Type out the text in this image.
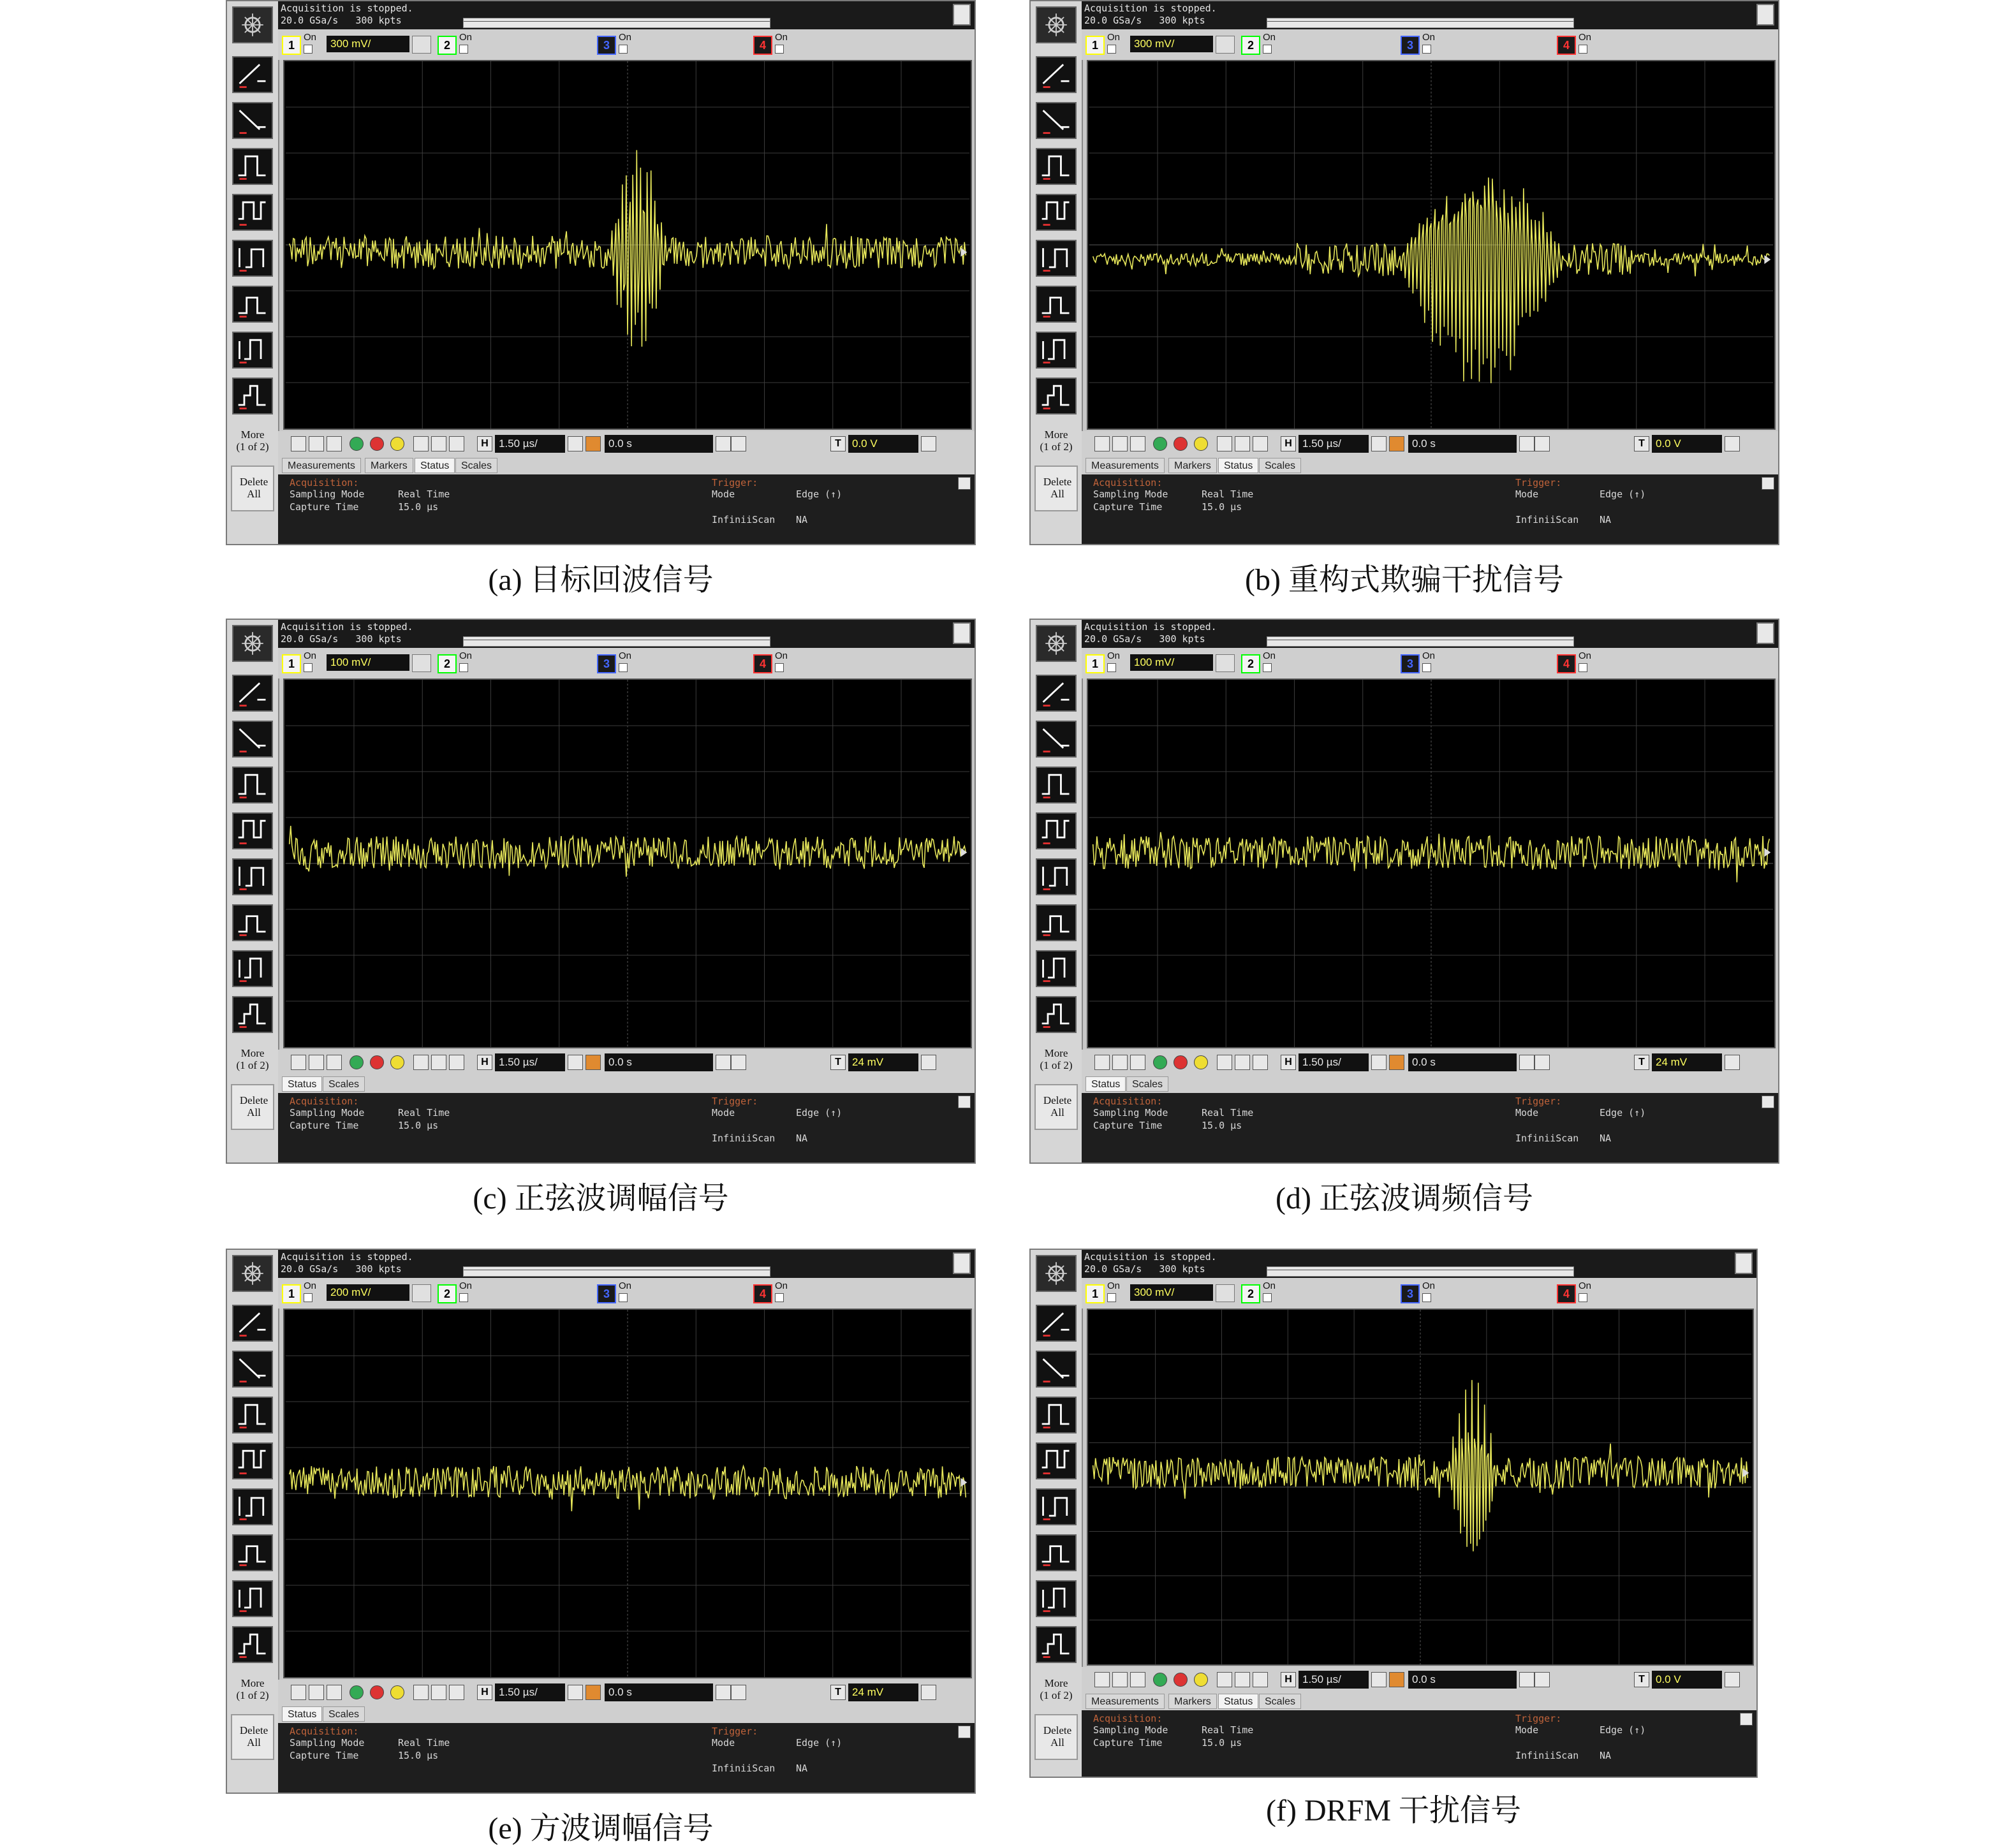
More
(1 of 2)
Delete
All
Acquisition is stopped.
20.0 GSa/s   300 kpts
1
On
2
On
3
On
4
On
300 mV/
H 1.50 µs/	0.0 s	T	0.0 V
Measurements	Markers	Status	Scales
Acquisition:
Sampling Mode	Real Time
Capture Time	15.0 µs
Trigger:
Mode	Edge (↑)
InfiniiScan NA
(a) 目标回波信号
More
(1 of 2)
Delete
All
Acquisition is stopped.
20.0 GSa/s   300 kpts
1
On
2
On
3
On
4
On
300 mV/
H 1.50 µs/	0.0 s	T	0.0 V
Measurements	Markers	Status	Scales
Acquisition:
Sampling Mode	Real Time
Capture Time	15.0 µs
Trigger:
Mode	Edge (↑)
InfiniiScan NA
(b) 重构式欺骗干扰信号
More
(1 of 2)
Delete
All
Acquisition is stopped.
20.0 GSa/s   300 kpts
1
On
2
On
3
On
4
On
100 mV/
H 1.50 µs/	0.0 s	T	24 mV
Status	Scales
Acquisition:
Sampling Mode	Real Time
Capture Time	15.0 µs
Trigger:
Mode	Edge (↑)
InfiniiScan NA
(c) 正弦波调幅信号
More
(1 of 2)
Delete
All
Acquisition is stopped.
20.0 GSa/s   300 kpts
1
On
2
On
3
On
4
On
100 mV/
H 1.50 µs/	0.0 s	T	24 mV
Status	Scales
Acquisition:
Sampling Mode	Real Time
Capture Time	15.0 µs
Trigger:
Mode	Edge (↑)
InfiniiScan NA
(d) 正弦波调频信号
More
(1 of 2)
Delete
All
Acquisition is stopped.
20.0 GSa/s   300 kpts
1
On
2
On
3
On
4
On
200 mV/
H 1.50 µs/	0.0 s	T	24 mV
Status	Scales
Acquisition:
Sampling Mode	Real Time
Capture Time	15.0 µs
Trigger:
Mode	Edge (↑)
InfiniiScan NA
(e) 方波调幅信号
More
(1 of 2)
Delete
All
Acquisition is stopped.
20.0 GSa/s   300 kpts
1
On
2
On
3
On
4
On
300 mV/
H 1.50 µs/	0.0 s	T	0.0 V
Measurements	Markers	Status	Scales
Acquisition:
Sampling Mode	Real Time
Capture Time	15.0 µs
Trigger:
Mode	Edge (↑)
InfiniiScan NA
(f) DRFM 干扰信号
